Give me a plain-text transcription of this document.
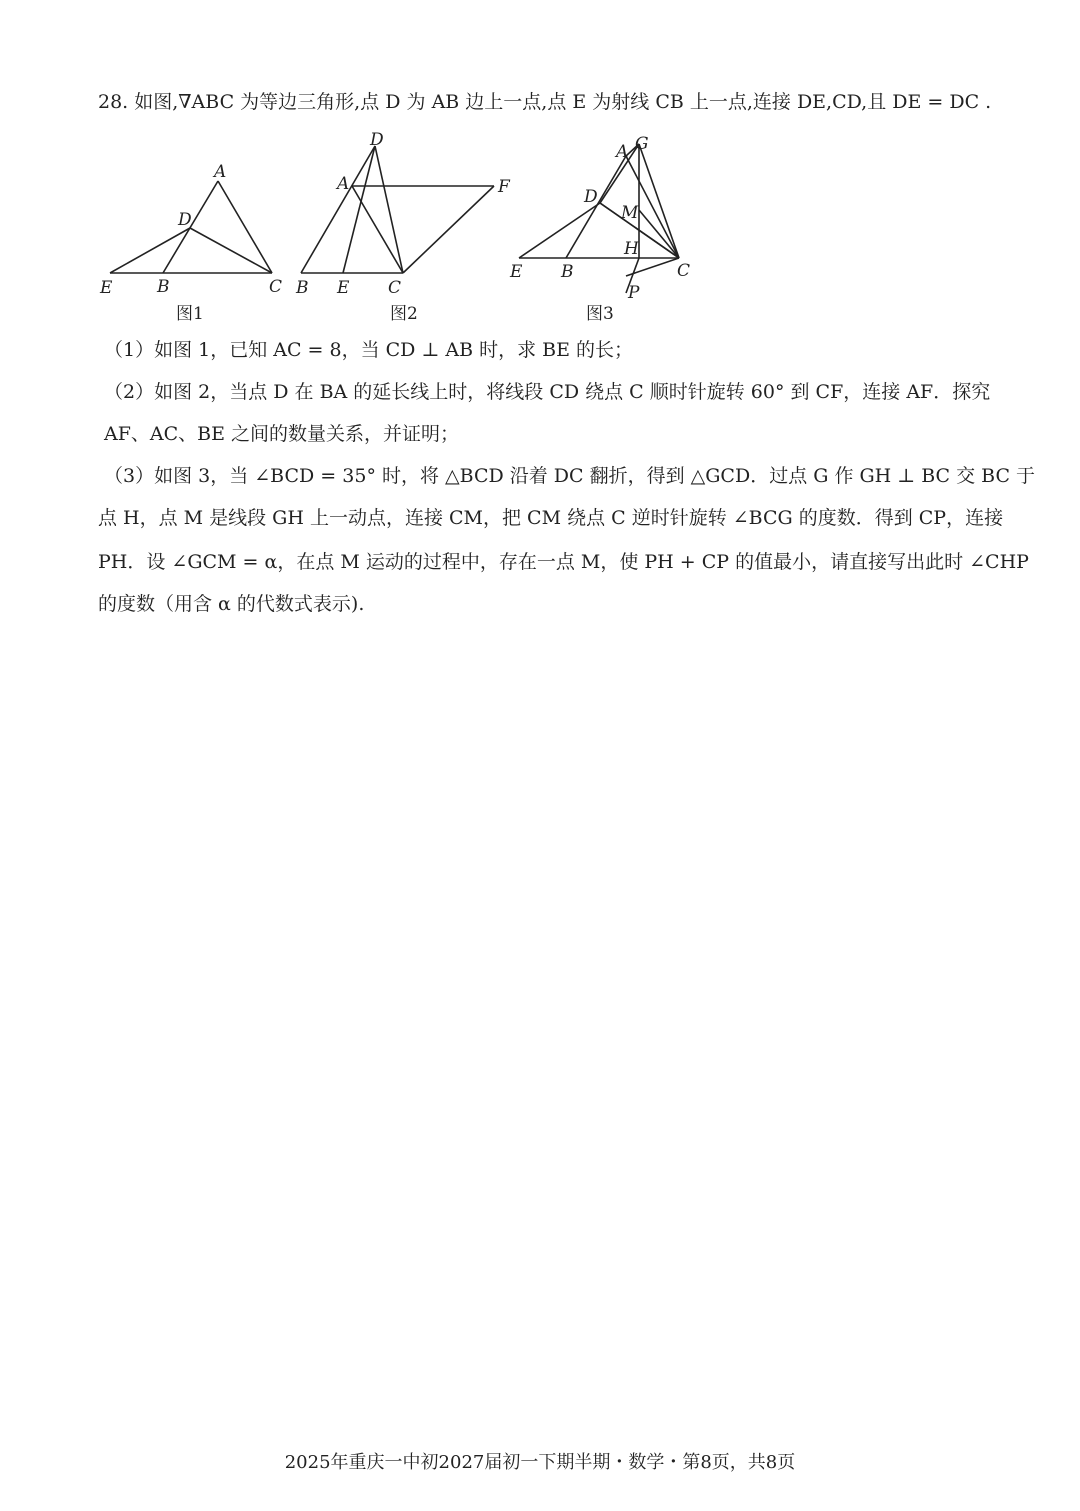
28. 如图,∇ABC 为等边三角形,点 D 为 AB 边上一点,点 E 为射线 CB 上一点,连接 DE,CD,且 DE = DC .
A
D
E	B	C
图1
D
A	F
B E C
图2
A G
D
M
H
E B	C
P
图3
（1）如图 1，已知 AC = 8，当 CD ⊥ AB 时，求 BE 的长；
（2）如图 2，当点 D 在 BA 的延长线上时，将线段 CD 绕点 C 顺时针旋转 60° 到 CF，连接 AF．探究
AF、AC、BE 之间的数量关系，并证明；
（3）如图 3，当 ∠BCD = 35° 时，将 △BCD 沿着 DC 翻折，得到 △GCD．过点 G 作 GH ⊥ BC 交 BC 于
点 H，点 M 是线段 GH 上一动点，连接 CM，把 CM 绕点 C 逆时针旋转 ∠BCG 的度数．得到 CP，连接
PH．设 ∠GCM = α，在点 M 运动的过程中，存在一点 M，使 PH + CP 的值最小，请直接写出此时 ∠CHP
的度数（用含 α 的代数式表示).
2025年重庆一中初2027届初一下期半期・数学・第8页，共8页
